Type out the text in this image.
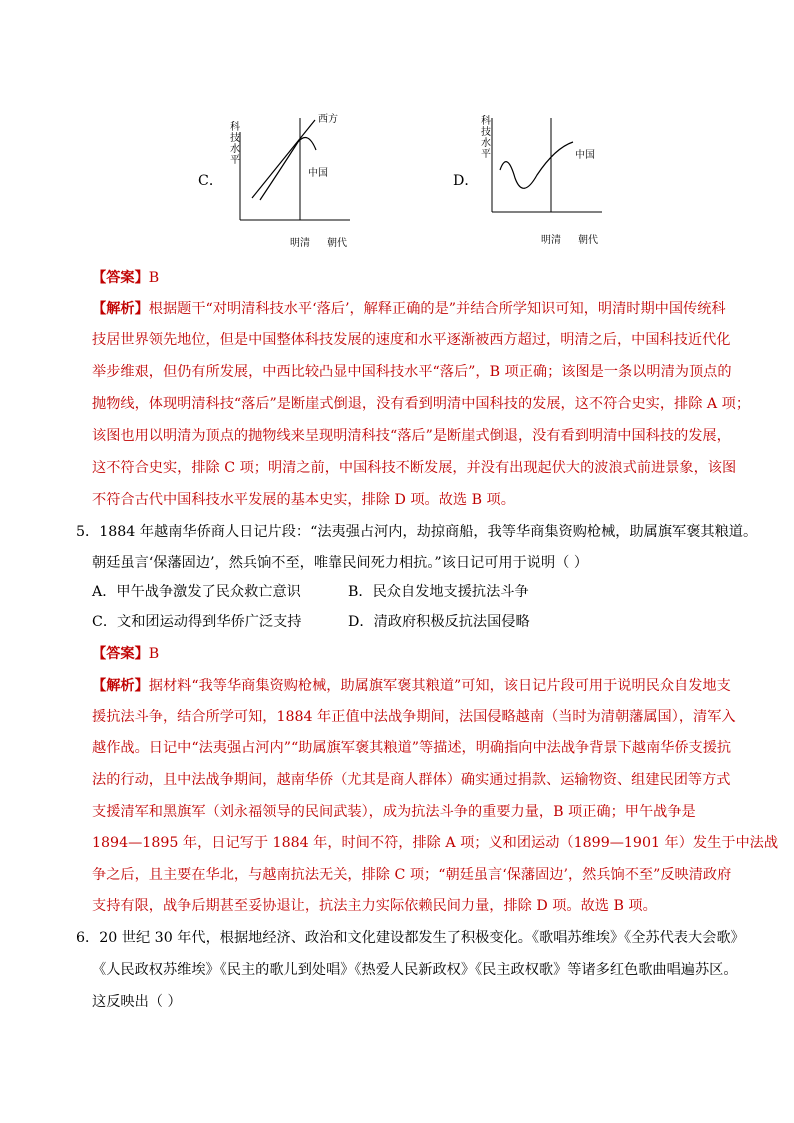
C．
科
技
水
平
西方
中国
明清 朝代
D．
科
技
水
平	中国
明清 朝代
【答案】B
【解析】根据题干“对明清科技水平‘落后’，解释正确的是”并结合所学知识可知，明清时期中国传统科
技居世界领先地位，但是中国整体科技发展的速度和水平逐渐被西方超过，明清之后，中国科技近代化
举步维艰，但仍有所发展，中西比较凸显中国科技水平“落后”，B 项正确；该图是一条以明清为顶点的
抛物线，体现明清科技“落后”是断崖式倒退，没有看到明清中国科技的发展，这不符合史实，排除 A 项；
该图也用以明清为顶点的抛物线来呈现明清科技“落后”是断崖式倒退，没有看到明清中国科技的发展，
这不符合史实，排除 C 项；明清之前，中国科技不断发展，并没有出现起伏大的波浪式前进景象，该图
不符合古代中国科技水平发展的基本史实，排除 D 项。故选 B 项。
5．1884 年越南华侨商人日记片段：“法夷强占河内，劫掠商船，我等华商集资购枪械，助属旗军褒其粮道。
朝廷虽言‘保藩固边’，然兵饷不至，唯靠民间死力相抗。”该日记可用于说明（ ）
A．甲午战争激发了民众救亡意识	B．民众自发地支援抗法斗争
C．文和团运动得到华侨广泛支持	D．清政府积极反抗法国侵略
【答案】B
【解析】据材料“我等华商集资购枪械，助属旗军褒其粮道”可知，该日记片段可用于说明民众自发地支
援抗法斗争，结合所学可知，1884 年正值中法战争期间，法国侵略越南（当时为清朝藩属国），清军入
越作战。日记中“法夷强占河内”“助属旗军褒其粮道”等描述，明确指向中法战争背景下越南华侨支援抗
法的行动，且中法战争期间，越南华侨（尤其是商人群体）确实通过捐款、运输物资、组建民团等方式
支援清军和黑旗军（刘永福领导的民间武装），成为抗法斗争的重要力量，B 项正确；甲午战争是
1894—1895 年，日记写于 1884 年，时间不符，排除 A 项；义和团运动（1899—1901 年）发生于中法战
争之后，且主要在华北，与越南抗法无关，排除 C 项；“朝廷虽言‘保藩固边’，然兵饷不至”反映清政府
支持有限，战争后期甚至妥协退让，抗法主力实际依赖民间力量，排除 D 项。故选 B 项。
6．20 世纪 30 年代，根据地经济、政治和文化建设都发生了积极变化。《歌唱苏维埃》《全苏代表大会歌》
《人民政权苏维埃》《民主的歌儿到处唱》《热爱人民新政权》《民主政权歌》等诸多红色歌曲唱遍苏区。
这反映出（ ）
